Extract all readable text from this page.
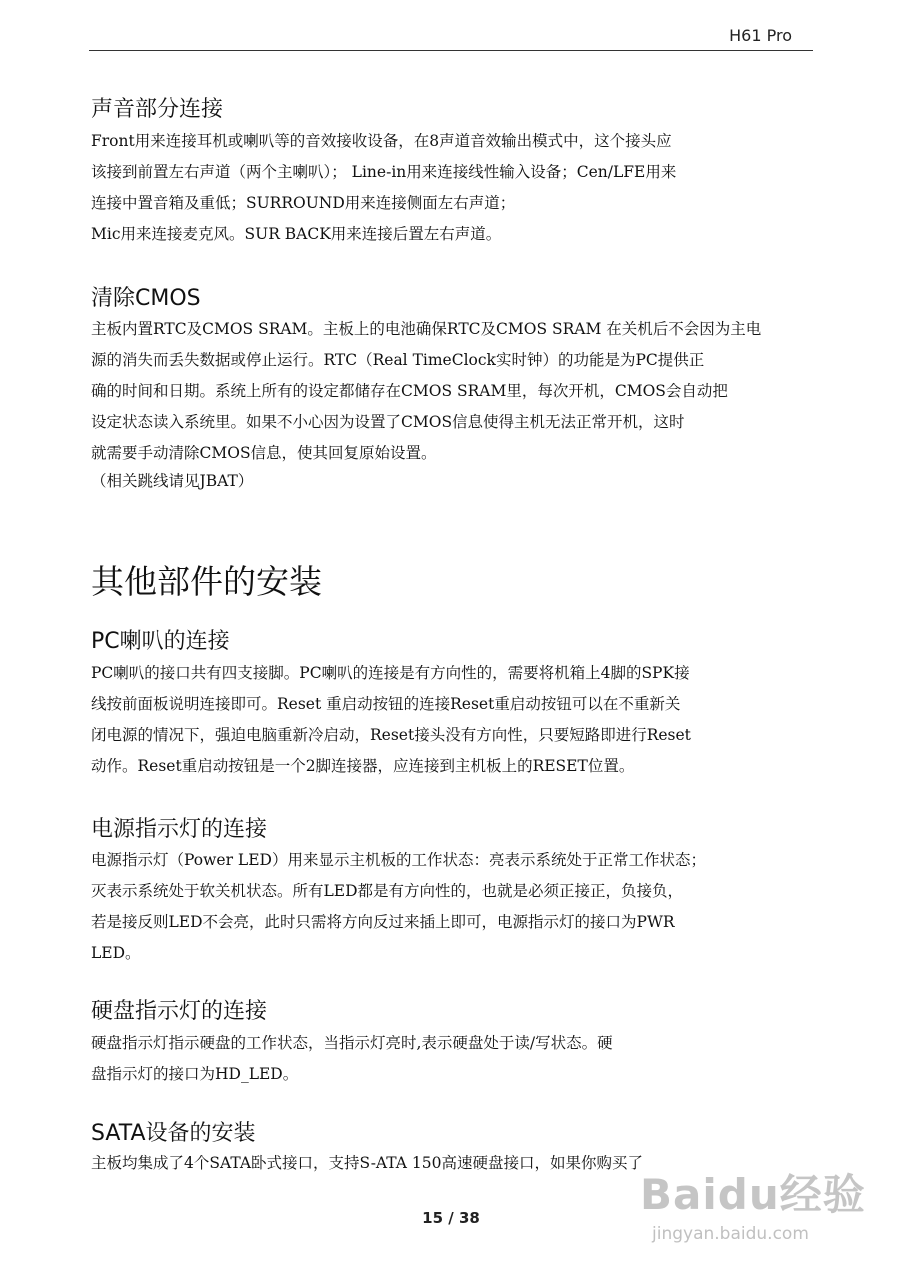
H61 Pro
声音部分连接
Front用来连接耳机或喇叭等的音效接收设备，在8声道音效输出模式中，这个接头应
该接到前置左右声道（两个主喇叭）； Line-in用来连接线性输入设备；Cen/LFE用来
连接中置音箱及重低；SURROUND用来连接侧面左右声道；
Mic用来连接麦克风。SUR BACK用来连接后置左右声道。
清除CMOS
主板内置RTC及CMOS SRAM。主板上的电池确保RTC及CMOS SRAM 在关机后不会因为主电
源的消失而丢失数据或停止运行。RTC（Real TimeClock实时钟）的功能是为PC提供正
确的时间和日期。系统上所有的设定都储存在CMOS SRAM里，每次开机，CMOS会自动把
设定状态读入系统里。如果不小心因为设置了CMOS信息使得主机无法正常开机，这时
就需要手动清除CMOS信息，使其回复原始设置。
（相关跳线请见JBAT）
其他部件的安装
PC喇叭的连接
PC喇叭的接口共有四支接脚。PC喇叭的连接是有方向性的，需要将机箱上4脚的SPK接
线按前面板说明连接即可。Reset 重启动按钮的连接Reset重启动按钮可以在不重新关
闭电源的情况下，强迫电脑重新冷启动，Reset接头没有方向性，只要短路即进行Reset
动作。Reset重启动按钮是一个2脚连接器，应连接到主机板上的RESET位置。
电源指示灯的连接
电源指示灯（Power LED）用来显示主机板的工作状态：亮表示系统处于正常工作状态；
灭表示系统处于软关机状态。所有LED都是有方向性的，也就是必须正接正，负接负，
若是接反则LED不会亮，此时只需将方向反过来插上即可，电源指示灯的接口为PWR
LED。
硬盘指示灯的连接
硬盘指示灯指示硬盘的工作状态，当指示灯亮时,表示硬盘处于读/写状态。硬
盘指示灯的接口为HD_LED。
SATA设备的安装
主板均集成了4个SATA卧式接口，支持S-ATA 150高速硬盘接口，如果你购买了
Baidu经验
jingyan.baidu.com
15 / 38
